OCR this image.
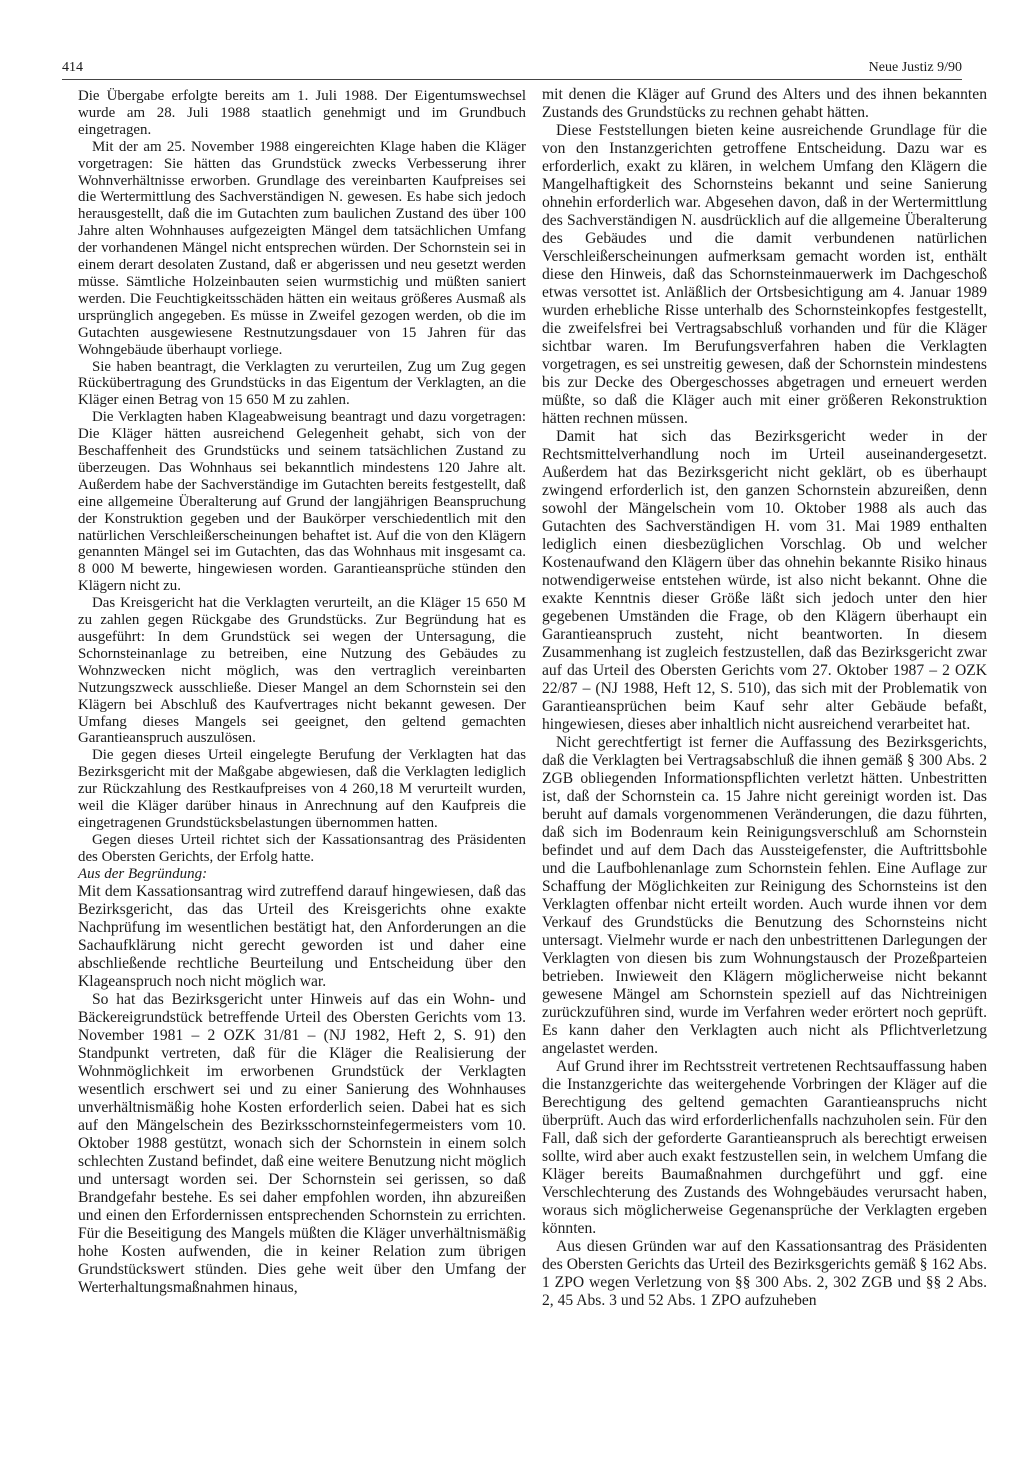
414	Neue Justiz 9/90

Die Übergabe erfolgte bereits am 1. Juli 1988. Der Eigentumswechsel wurde am 28. Juli 1988 staatlich genehmigt und im Grundbuch eingetragen.

Mit der am 25. November 1988 eingereichten Klage haben die Kläger vorgetragen: Sie hätten das Grundstück zwecks Verbesserung ihrer Wohnverhältnisse erworben. Grundlage des vereinbarten Kaufpreises sei die Wertermittlung des Sachverständigen N. gewesen. Es habe sich jedoch herausgestellt, daß die im Gutachten zum baulichen Zustand des über 100 Jahre alten Wohnhauses aufgezeigten Mängel dem tatsächlichen Umfang der vorhandenen Mängel nicht entsprechen würden. Der Schornstein sei in einem derart desolaten Zustand, daß er abgerissen und neu gesetzt werden müsse. Sämtliche Holzeinbauten seien wurmstichig und müßten saniert werden. Die Feuchtigkeitsschäden hätten ein weitaus größeres Ausmaß als ursprünglich angegeben. Es müsse in Zweifel gezogen werden, ob die im Gutachten ausgewiesene Restnutzungsdauer von 15 Jahren für das Wohngebäude überhaupt vorliege.

Sie haben beantragt, die Verklagten zu verurteilen, Zug um Zug gegen Rückübertragung des Grundstücks in das Eigentum der Verklagten, an die Kläger einen Betrag von 15 650 M zu zahlen.

Die Verklagten haben Klageabweisung beantragt und dazu vorgetragen: Die Kläger hätten ausreichend Gelegenheit gehabt, sich von der Beschaffenheit des Grundstücks und seinem tatsächlichen Zustand zu überzeugen. Das Wohnhaus sei bekanntlich mindestens 120 Jahre alt. Außerdem habe der Sachverständige im Gutachten bereits festgestellt, daß eine allgemeine Überalterung auf Grund der langjährigen Beanspruchung der Konstruktion gegeben und der Baukörper verschiedentlich mit den natürlichen Verschleißerscheinungen behaftet ist. Auf die von den Klägern genannten Mängel sei im Gutachten, das das Wohnhaus mit insgesamt ca. 8 000 M bewerte, hingewiesen worden. Garantieansprüche stünden den Klägern nicht zu.

Das Kreisgericht hat die Verklagten verurteilt, an die Kläger 15 650 M zu zahlen gegen Rückgabe des Grundstücks. Zur Begründung hat es ausgeführt: In dem Grundstück sei wegen der Untersagung, die Schornsteinanlage zu betreiben, eine Nutzung des Gebäudes zu Wohnzwecken nicht möglich, was den vertraglich vereinbarten Nutzungszweck ausschließe. Dieser Mangel an dem Schornstein sei den Klägern bei Abschluß des Kaufvertrages nicht bekannt gewesen. Der Umfang dieses Mangels sei geeignet, den geltend gemachten Garantieanspruch auszulösen.

Die gegen dieses Urteil eingelegte Berufung der Verklagten hat das Bezirksgericht mit der Maßgabe abgewiesen, daß die Verklagten lediglich zur Rückzahlung des Restkaufpreises von 4 260,18 M verurteilt wurden, weil die Kläger darüber hinaus in Anrechnung auf den Kaufpreis die eingetragenen Grundstücksbelastungen übernommen hatten.

Gegen dieses Urteil richtet sich der Kassationsantrag des Präsidenten des Obersten Gerichts, der Erfolg hatte.

Aus der Begründung:

Mit dem Kassationsantrag wird zutreffend darauf hingewiesen, daß das Bezirksgericht, das das Urteil des Kreisgerichts ohne exakte Nachprüfung im wesentlichen bestätigt hat, den Anforderungen an die Sachaufklärung nicht gerecht geworden ist und daher eine abschließende rechtliche Beurteilung und Entscheidung über den Klageanspruch noch nicht möglich war.

So hat das Bezirksgericht unter Hinweis auf das ein Wohn- und Bäckereigrundstück betreffende Urteil des Obersten Gerichts vom 13. November 1981 – 2 OZK 31/81 – (NJ 1982, Heft 2, S. 91) den Standpunkt vertreten, daß für die Kläger die Realisierung der Wohnmöglichkeit im erworbenen Grundstück der Verklagten wesentlich erschwert sei und zu einer Sanierung des Wohnhauses unverhältnismäßig hohe Kosten erforderlich seien. Dabei hat es sich auf den Mängelschein des Bezirksschornsteinfegermeisters vom 10. Oktober 1988 gestützt, wonach sich der Schornstein in einem solch schlechten Zustand befindet, daß eine weitere Benutzung nicht möglich und untersagt worden sei. Der Schornstein sei gerissen, so daß Brandgefahr bestehe. Es sei daher empfohlen worden, ihn abzureißen und einen den Erfordernissen entsprechenden Schornstein zu errichten. Für die Beseitigung des Mangels müßten die Kläger unverhältnismäßig hohe Kosten aufwenden, die in keiner Relation zum übrigen Grundstückswert stünden. Dies gehe weit über den Umfang der Werterhaltungsmaßnahmen hinaus,

mit denen die Kläger auf Grund des Alters und des ihnen bekannten Zustands des Grundstücks zu rechnen gehabt hätten.

Diese Feststellungen bieten keine ausreichende Grundlage für die von den Instanzgerichten getroffene Entscheidung. Dazu war es erforderlich, exakt zu klären, in welchem Umfang den Klägern die Mangelhaftigkeit des Schornsteins bekannt und seine Sanierung ohnehin erforderlich war. Abgesehen davon, daß in der Wertermittlung des Sachverständigen N. ausdrücklich auf die allgemeine Überalterung des Gebäudes und die damit verbundenen natürlichen Verschleißerscheinungen aufmerksam gemacht worden ist, enthält diese den Hinweis, daß das Schornsteinmauerwerk im Dachgeschoß etwas versottet ist. Anläßlich der Ortsbesichtigung am 4. Januar 1989 wurden erhebliche Risse unterhalb des Schornsteinkopfes festgestellt, die zweifelsfrei bei Vertragsabschluß vorhanden und für die Kläger sichtbar waren. Im Berufungsverfahren haben die Verklagten vorgetragen, es sei unstreitig gewesen, daß der Schornstein mindestens bis zur Decke des Obergeschosses abgetragen und erneuert werden müßte, so daß die Kläger auch mit einer größeren Rekonstruktion hätten rechnen müssen.

Damit hat sich das Bezirksgericht weder in der Rechtsmittelverhandlung noch im Urteil auseinandergesetzt. Außerdem hat das Bezirksgericht nicht geklärt, ob es überhaupt zwingend erforderlich ist, den ganzen Schornstein abzureißen, denn sowohl der Mängelschein vom 10. Oktober 1988 als auch das Gutachten des Sachverständigen H. vom 31. Mai 1989 enthalten lediglich einen diesbezüglichen Vorschlag. Ob und welcher Kostenaufwand den Klägern über das ohnehin bekannte Risiko hinaus notwendigerweise entstehen würde, ist also nicht bekannt. Ohne die exakte Kenntnis dieser Größe läßt sich jedoch unter den hier gegebenen Umständen die Frage, ob den Klägern überhaupt ein Garantieanspruch zusteht, nicht beantworten. In diesem Zusammenhang ist zugleich festzustellen, daß das Bezirksgericht zwar auf das Urteil des Obersten Gerichts vom 27. Oktober 1987 – 2 OZK 22/87 – (NJ 1988, Heft 12, S. 510), das sich mit der Problematik von Garantieansprüchen beim Kauf sehr alter Gebäude befaßt, hingewiesen, dieses aber inhaltlich nicht ausreichend verarbeitet hat.

Nicht gerechtfertigt ist ferner die Auffassung des Bezirksgerichts, daß die Verklagten bei Vertragsabschluß die ihnen gemäß § 300 Abs. 2 ZGB obliegenden Informationspflichten verletzt hätten. Unbestritten ist, daß der Schornstein ca. 15 Jahre nicht gereinigt worden ist. Das beruht auf damals vorgenommenen Veränderungen, die dazu führten, daß sich im Bodenraum kein Reinigungsverschluß am Schornstein befindet und auf dem Dach das Aussteigefenster, die Auftrittsbohle und die Laufbohlenanlage zum Schornstein fehlen. Eine Auflage zur Schaffung der Möglichkeiten zur Reinigung des Schornsteins ist den Verklagten offenbar nicht erteilt worden. Auch wurde ihnen vor dem Verkauf des Grundstücks die Benutzung des Schornsteins nicht untersagt. Vielmehr wurde er nach den unbestrittenen Darlegungen der Verklagten von diesen bis zum Wohnungstausch der Prozeßparteien betrieben. Inwieweit den Klägern möglicherweise nicht bekannt gewesene Mängel am Schornstein speziell auf das Nichtreinigen zurückzuführen sind, wurde im Verfahren weder erörtert noch geprüft. Es kann daher den Verklagten auch nicht als Pflichtverletzung angelastet werden.

Auf Grund ihrer im Rechtsstreit vertretenen Rechtsauffassung haben die Instanzgerichte das weitergehende Vorbringen der Kläger auf die Berechtigung des geltend gemachten Garantieanspruchs nicht überprüft. Auch das wird erforderlichenfalls nachzuholen sein. Für den Fall, daß sich der geforderte Garantieanspruch als berechtigt erweisen sollte, wird aber auch exakt festzustellen sein, in welchem Umfang die Kläger bereits Baumaßnahmen durchgeführt und ggf. eine Verschlechterung des Zustands des Wohngebäudes verursacht haben, woraus sich möglicherweise Gegenansprüche der Verklagten ergeben könnten.

Aus diesen Gründen war auf den Kassationsantrag des Präsidenten des Obersten Gerichts das Urteil des Bezirksgerichts gemäß § 162 Abs. 1 ZPO wegen Verletzung von §§ 300 Abs. 2, 302 ZGB und §§ 2 Abs. 2, 45 Abs. 3 und 52 Abs. 1 ZPO aufzuheben
